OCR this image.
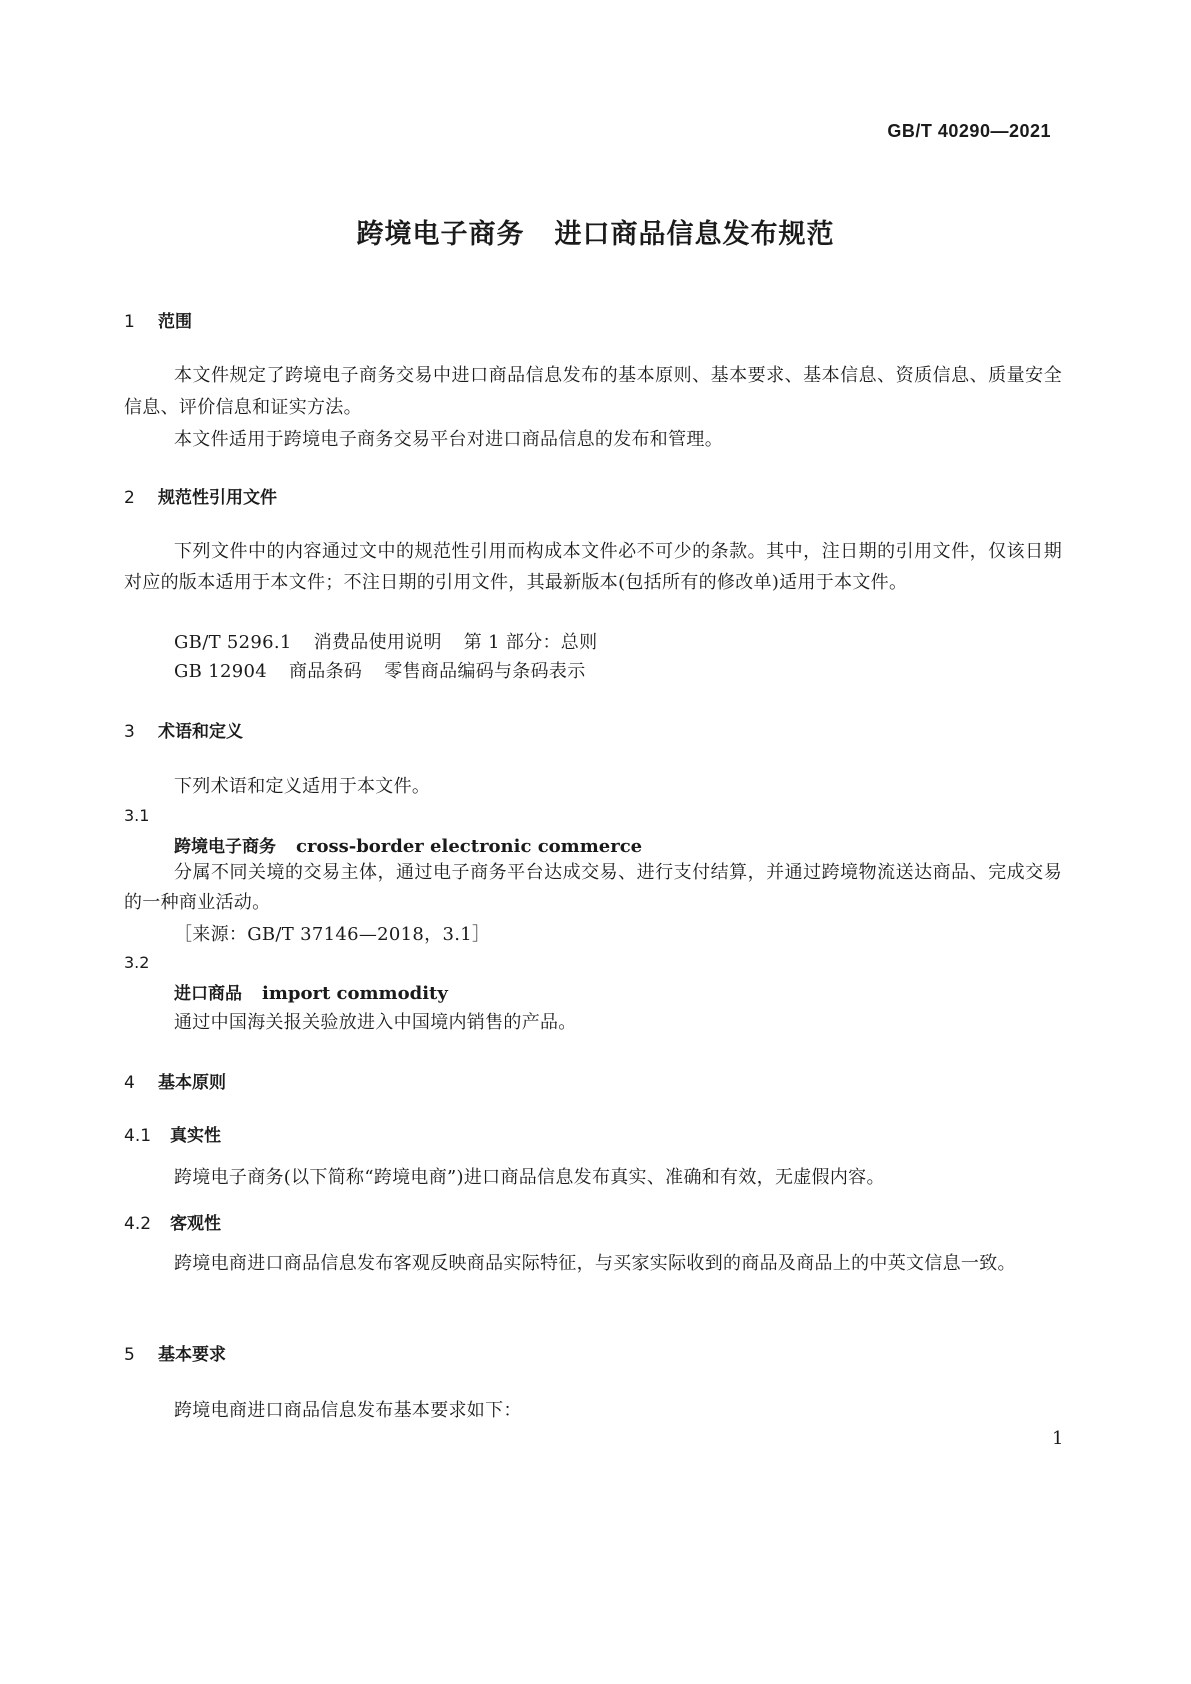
GB/T 40290—2021
跨境电子商务 进口商品信息发布规范
1 范围
本文件规定了跨境电子商务交易中进口商品信息发布的基本原则、基本要求、基本信息、资质信息、质量安全信息、评价信息和证实方法。
本文件适用于跨境电子商务交易平台对进口商品信息的发布和管理。
2 规范性引用文件
下列文件中的内容通过文中的规范性引用而构成本文件必不可少的条款。其中，注日期的引用文件，仅该日期对应的版本适用于本文件；不注日期的引用文件，其最新版本(包括所有的修改单)适用于本文件。
GB/T 5296.1 消费品使用说明 第 1 部分：总则
GB 12904 商品条码 零售商品编码与条码表示
3 术语和定义
下列术语和定义适用于本文件。
3.1
跨境电子商务 cross-border electronic commerce
分属不同关境的交易主体，通过电子商务平台达成交易、进行支付结算，并通过跨境物流送达商品、完成交易的一种商业活动。
［来源：GB/T 37146—2018，3.1］
3.2
进口商品 import commodity
通过中国海关报关验放进入中国境内销售的产品。
4 基本原则
4.1 真实性
跨境电子商务(以下简称“跨境电商”)进口商品信息发布真实、准确和有效，无虚假内容。
4.2 客观性
跨境电商进口商品信息发布客观反映商品实际特征，与买家实际收到的商品及商品上的中英文信息一致。
5 基本要求
跨境电商进口商品信息发布基本要求如下：
1
